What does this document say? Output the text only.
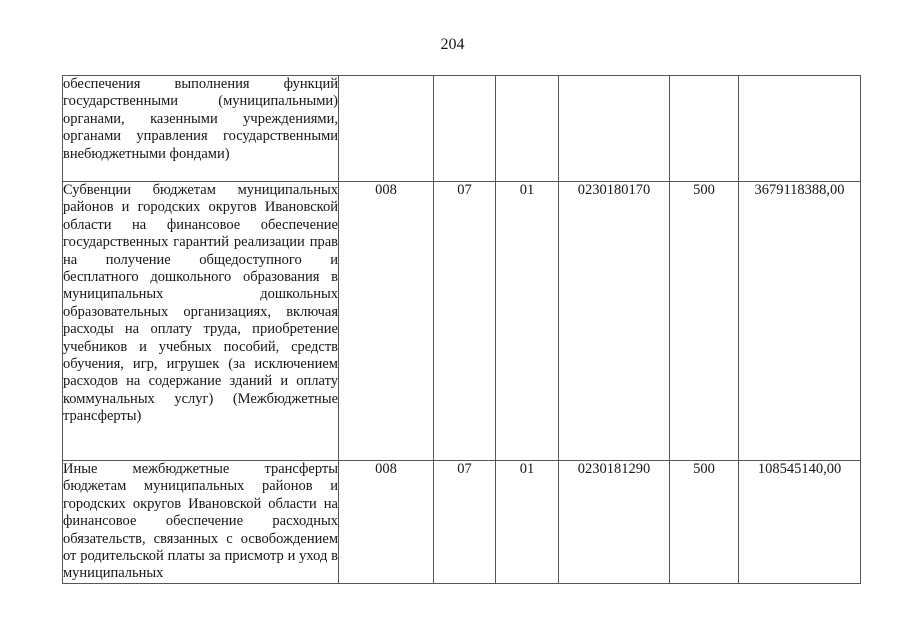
204
обеспечения выполнения функций государственными (муниципальными) органами, казенными учреждениями, органами управления государственными внебюджетными фондами)						
Субвенции бюджетам муниципальных районов и городских округов Ивановской области на финансовое обеспечение государственных гарантий реализации прав на получение общедоступного и бесплатного дошкольного образования в муниципальных дошкольных образовательных организациях, включая расходы на оплату труда, приобретение учебников и учебных пособий, средств обучения, игр, игрушек (за исключением расходов на содержание зданий и оплату коммунальных услуг) (Межбюджетные трансферты)	008	07	01	0230180170	500	3679118388,00
Иные межбюджетные трансферты бюджетам муниципальных районов и городских округов Ивановской области на финансовое обеспечение расходных обязательств, связанных с освобождением от родительской платы за присмотр и уход в муниципальных	008	07	01	0230181290	500	108545140,00
